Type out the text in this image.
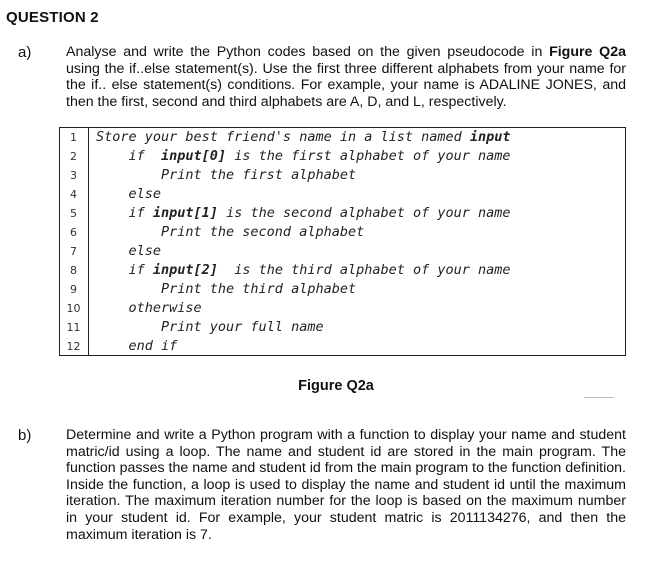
QUESTION 2
a) Analyse and write the Python codes based on the given pseudocode in Figure Q2a using the if..else statement(s). Use the first three different alphabets from your name for the if.. else statement(s) conditions. For example, your name is ADALINE JONES, and then the first, second and third alphabets are A, D, and L, respectively.
1
2
3
4
5
6
7
8
9
10
11
12
Store your best friend's name in a list named input
if  input[0] is the first alphabet of your name
Print the first alphabet
else
if input[1] is the second alphabet of your name
Print the second alphabet
else
if input[2]  is the third alphabet of your name
Print the third alphabet
otherwise
Print your full name
end if
Figure Q2a
b) Determine and write a Python program with a function to display your name and student matric/id using a loop. The name and student id are stored in the main program. The function passes the name and student id from the main program to the function definition. Inside the function, a loop is used to display the name and student id until the maximum iteration. The maximum iteration number for the loop is based on the maximum number in your student id. For example, your student matric is 2011134276, and then the maximum iteration is 7.
